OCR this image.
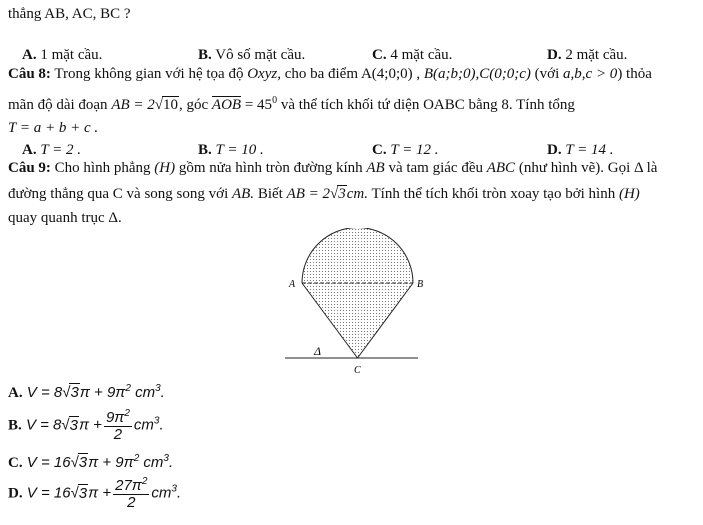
thẳng AB, AC, BC ?
A. 1 mặt cầu.	B. Vô số mặt cầu.	C. 4 mặt cầu.	D. 2 mặt cầu.
Câu 8: Trong không gian với hệ tọa độ Oxyz, cho ba điểm A(4;0;0) , B(a;b;0),C(0;0;c) (với a,b,c > 0) thỏa
mãn độ dài đoạn AB = 2√10, góc AOB = $45^0$ và thể tích khối tứ diện OABC bằng 8. Tính tổng
T = a + b + c .
A. T = 2 .	B. T = 10 .	C. T = 12 .	D. T = 14 .
Câu 9: Cho hình phẳng (H) gồm nửa hình tròn đường kính AB và tam giác đều ABC (như hình vẽ). Gọi Δ là
đường thẳng qua C và song song với AB. Biết AB = 2√3cm. Tính thể tích khối tròn xoay tạo bởi hình (H)
quay quanh trục Δ.
A	B
C
Δ
A. $V = 8√3\pi + 9\pi^2$ $cm^3$.
B. $V = 8√3\pi + \frac{9\pi^2}{2} cm^3$.
C. $V = 16√3\pi + 9\pi^2$ $cm^3$.
D. $V = 16√3\pi + \frac{27\pi^2}{2} cm^3$.
